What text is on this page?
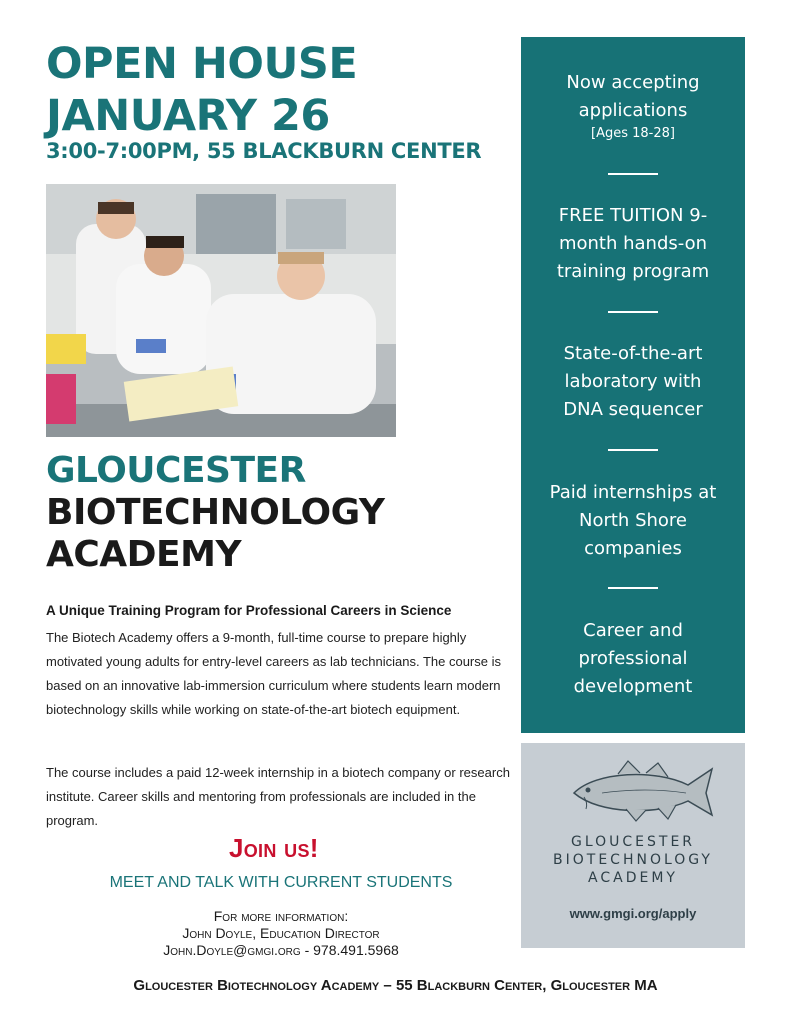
OPEN HOUSE
JANUARY 26

3:00-7:00PM, 55 BLACKBURN CENTER

GLOUCESTER
BIOTECHNOLOGY
ACADEMY

A Unique Training Program for Professional Careers in Science

The Biotech Academy offers a 9-month, full-time course to prepare highly motivated young adults for entry-level careers as lab technicians. The course is based on an innovative lab-immersion curriculum where students learn modern biotechnology skills while working on state-of-the-art biotech equipment.

The course includes a paid 12-week internship in a biotech company or research institute. Career skills and mentoring from professionals are included in the program.

Join us!

MEET AND TALK WITH CURRENT STUDENTS

For more information:
John Doyle, Education Director
John.Doyle@gmgi.org - 978.491.5968
Now accepting applications
[Ages 18-28]
FREE TUITION 9-month hands-on training program
State-of-the-art laboratory with DNA sequencer
Paid internships at North Shore companies
Career and professional development
GLOUCESTER
BIOTECHNOLOGY
ACADEMY
www.gmgi.org/apply
Gloucester Biotechnology Academy – 55 Blackburn Center, Gloucester MA
